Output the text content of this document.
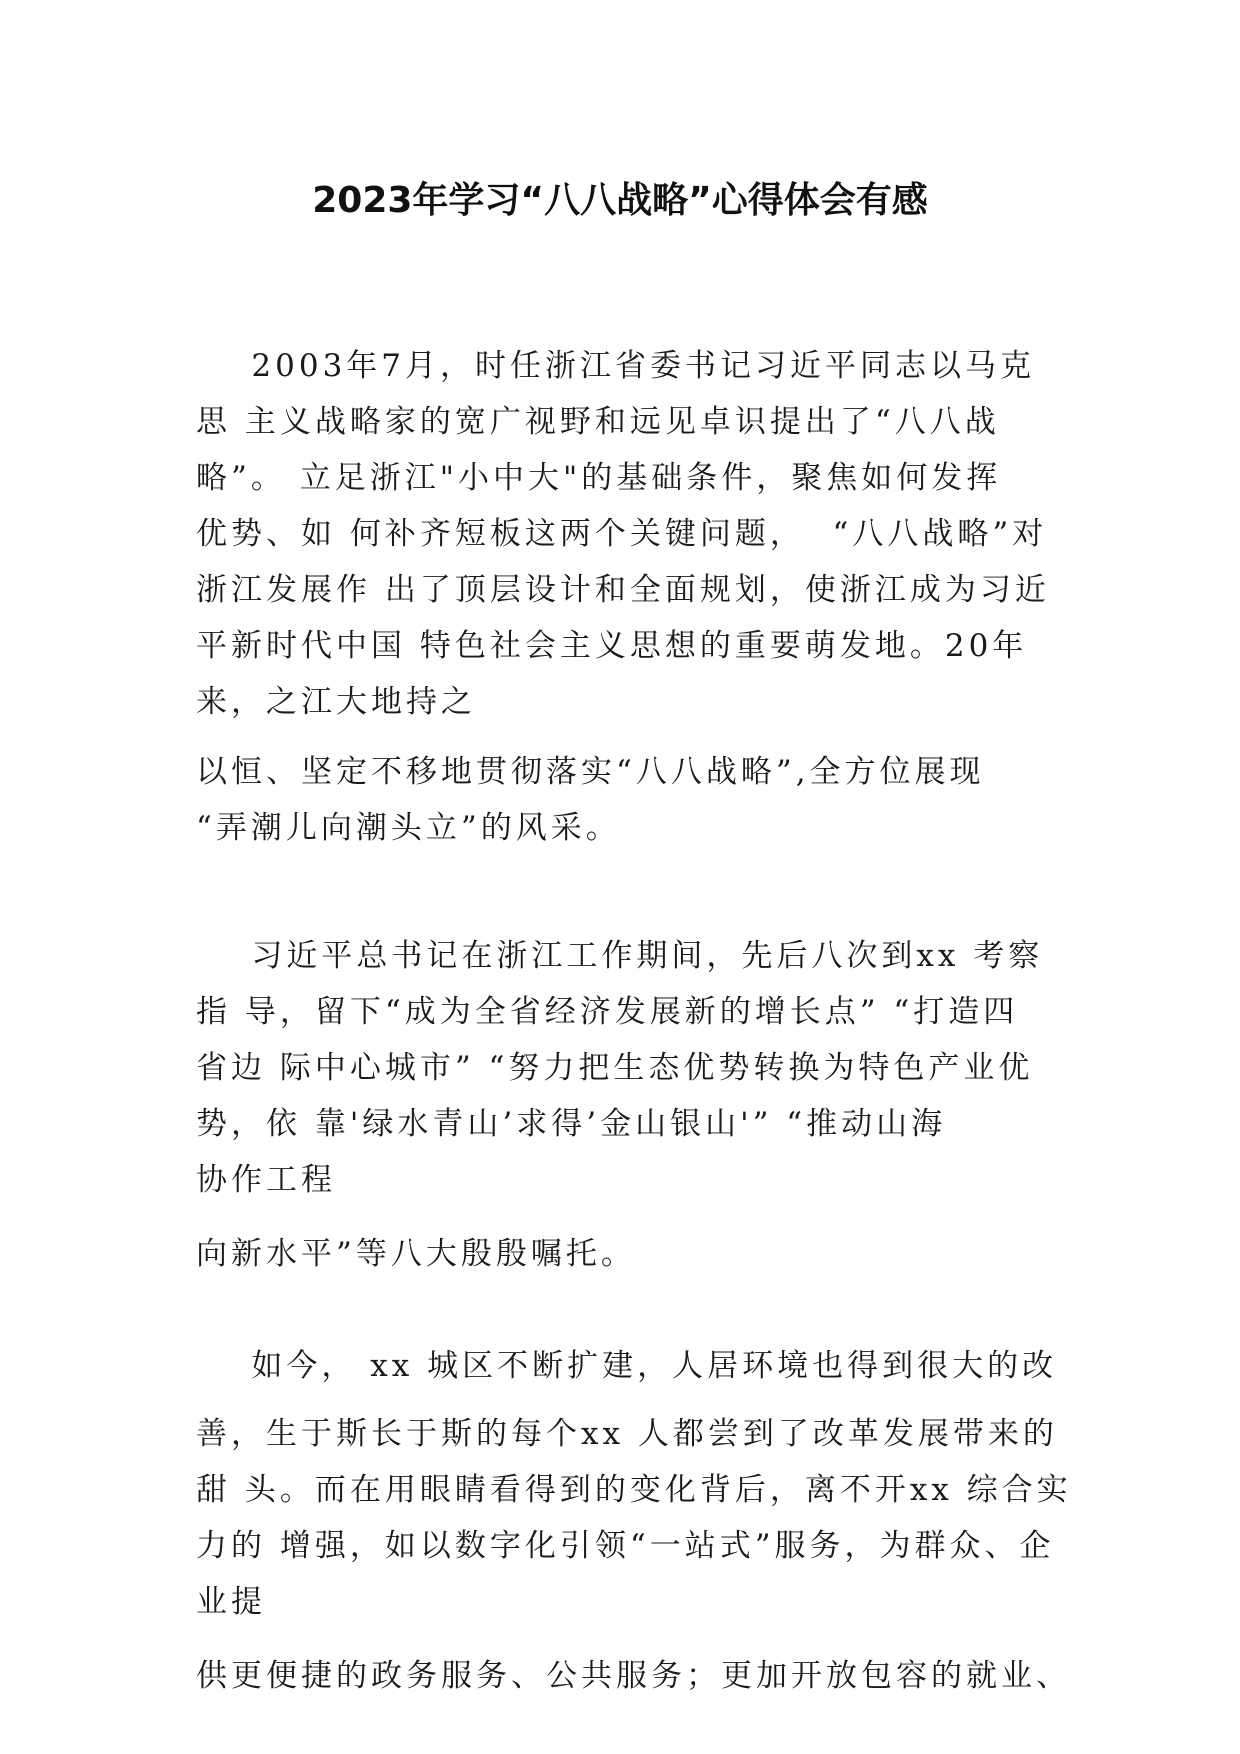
2023年学习“八八战略”心得体会有感

2003年7月，时任浙江省委书记习近平同志以马克

思 主义战略家的宽广视野和远见卓识提出了“八八战

略”。 立足浙江"小中大"的基础条件，聚焦如何发挥

优势、如 何补齐短板这两个关键问题，  “八八战略”对

浙江发展作 出了顶层设计和全面规划，使浙江成为习近

平新时代中国 特色社会主义思想的重要萌发地。20年

来，之江大地持之

以恒、坚定不移地贯彻落实“八八战略”,全方位展现

“弄潮儿向潮头立”的风采。

习近平总书记在浙江工作期间，先后八次到xx 考察

指 导，留下“成为全省经济发展新的增长点” “打造四

省边 际中心城市” “努力把生态优势转换为特色产业优

势，依 靠'绿水青山’求得’金山银山'” “推动山海

协作工程

向新水平”等八大殷殷嘱托。

如今， xx 城区不断扩建，人居环境也得到很大的改

善，生于斯长于斯的每个xx 人都尝到了改革发展带来的

甜 头。而在用眼睛看得到的变化背后，离不开xx 综合实

力的 增强，如以数字化引领“一站式”服务，为群众、企

业提

供更便捷的政务服务、公共服务；更加开放包容的就业、
